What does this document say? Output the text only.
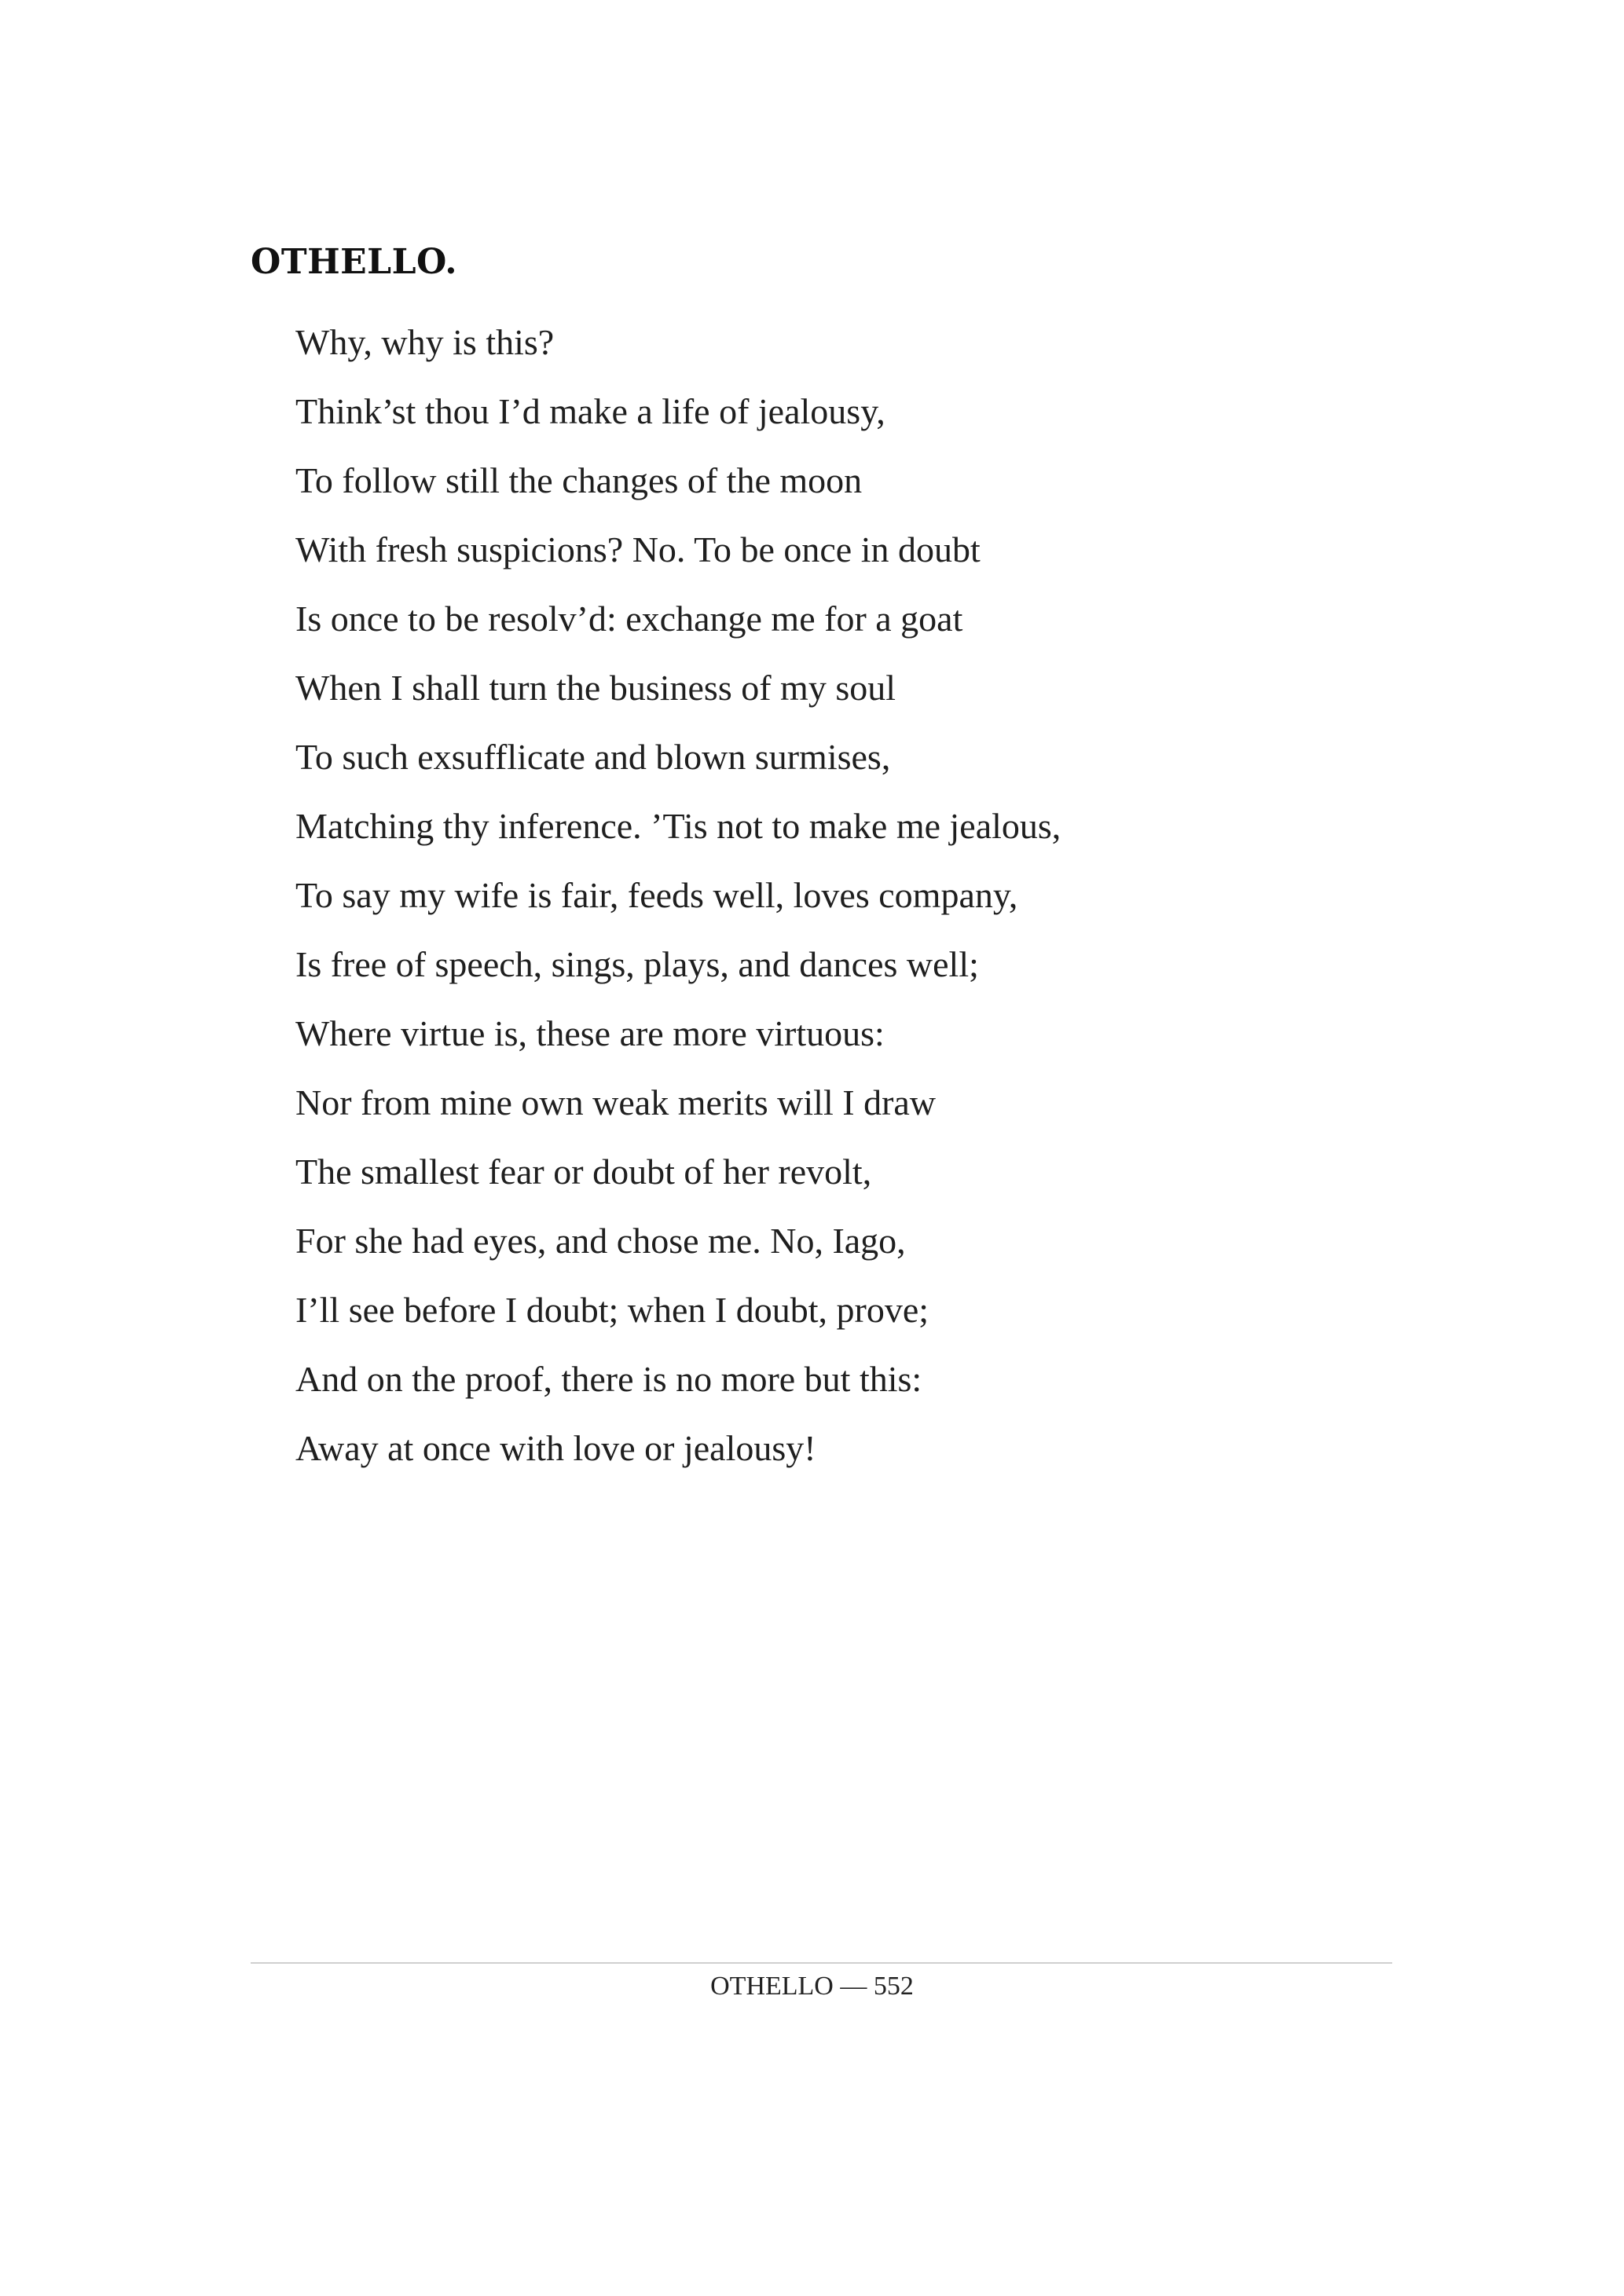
OTHELLO.
Why, why is this?
Think’st thou I’d make a life of jealousy,
To follow still the changes of the moon
With fresh suspicions? No. To be once in doubt
Is once to be resolv’d: exchange me for a goat
When I shall turn the business of my soul
To such exsufflicate and blown surmises,
Matching thy inference. ’Tis not to make me jealous,
To say my wife is fair, feeds well, loves company,
Is free of speech, sings, plays, and dances well;
Where virtue is, these are more virtuous:
Nor from mine own weak merits will I draw
The smallest fear or doubt of her revolt,
For she had eyes, and chose me. No, Iago,
I’ll see before I doubt; when I doubt, prove;
And on the proof, there is no more but this:
Away at once with love or jealousy!
OTHELLO — 552
